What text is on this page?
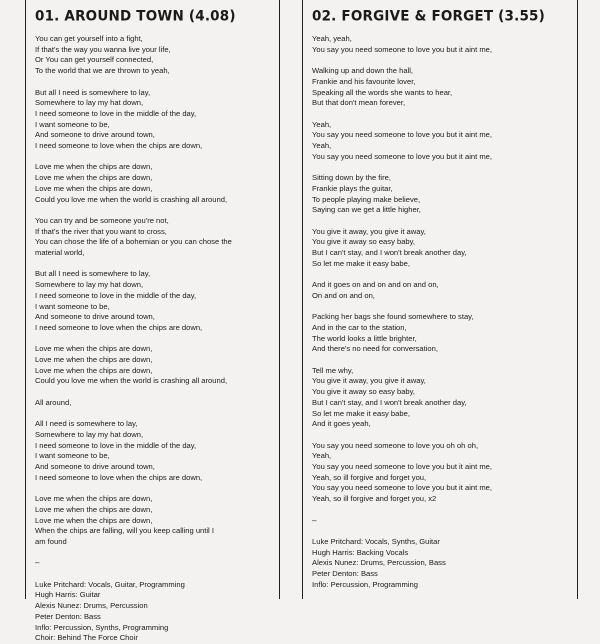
01. AROUND TOWN (4.08)
You can get yourself into a fight,
If that's the way you wanna live your life,
Or You can get yourself connected,
To the world that we are thrown to yeah,
But all I need is somewhere to lay,
Somewhere to lay my hat down,
I need someone to love in the middle of the day,
I want someone to be,
And someone to drive around town,
I need someone to love when the chips are down,
Love me when the chips are down,
Love me when the chips are down,
Love me when the chips are down,
Could you love me when the world is crashing all around,
You can try and be someone you're not,
If that's the river that you want to cross,
You can chose the life of a bohemian or you can chose the
material world,
But all I need is somewhere to lay,
Somewhere to lay my hat down,
I need someone to love in the middle of the day,
I want someone to be,
And someone to drive around town,
I need someone to love when the chips are down,
Love me when the chips are down,
Love me when the chips are down,
Love me when the chips are down,
Could you love me when the world is crashing all around,
All around,
All I need is somewhere to lay,
Somewhere to lay my hat down,
I need someone to love in the middle of the day,
I want someone to be,
And someone to drive around town,
I need someone to love when the chips are down,
Love me when the chips are down,
Love me when the chips are down,
Love me when the chips are down,
When the chips are falling, will you keep calling until I
am found
–
Luke Pritchard: Vocals, Guitar, Programming
Hugh Harris: Guitar
Alexis Nunez: Drums, Percussion
Peter Denton: Bass
Inflo: Percussion, Synths, Programming
Choir: Behind The Force Choir
02. FORGIVE & FORGET (3.55)
Yeah, yeah,
You say you need someone to love you but it aint me,
Walking up and down the hall,
Frankie and his favourite lover,
Speaking all the words she wants to hear,
But that don't mean forever,
Yeah,
You say you need someone to love you but it aint me,
Yeah,
You say you need someone to love you but it aint me,
Sitting down by the fire,
Frankie plays the guitar,
To people playing make believe,
Saying can we get a little higher,
You give it away, you give it away,
You give it away so easy baby,
But I can't stay, and I won't break another day,
So let me make it easy babe,
And it goes on and on and on and on,
On and on and on,
Packing her bags she found somewhere to stay,
And in the car to the station,
The world looks a little brighter,
And there's no need for conversation,
Tell me why,
You give it away, you give it away,
You give it away so easy baby,
But I can't stay, and I won't break another day,
So let me make it easy babe,
And it goes yeah,
You say you need someone to love you oh oh oh,
Yeah,
You say you need someone to love you but it aint me,
Yeah, so ill forgive and forget you,
You say you need someone to love you but it aint me,
Yeah, so ill forgive and forget you, x2
–
Luke Pritchard: Vocals, Synths, Guitar
Hugh Harris: Backing Vocals
Alexis Nunez: Drums, Percussion, Bass
Peter Denton: Bass
Inflo: Percussion, Programming
